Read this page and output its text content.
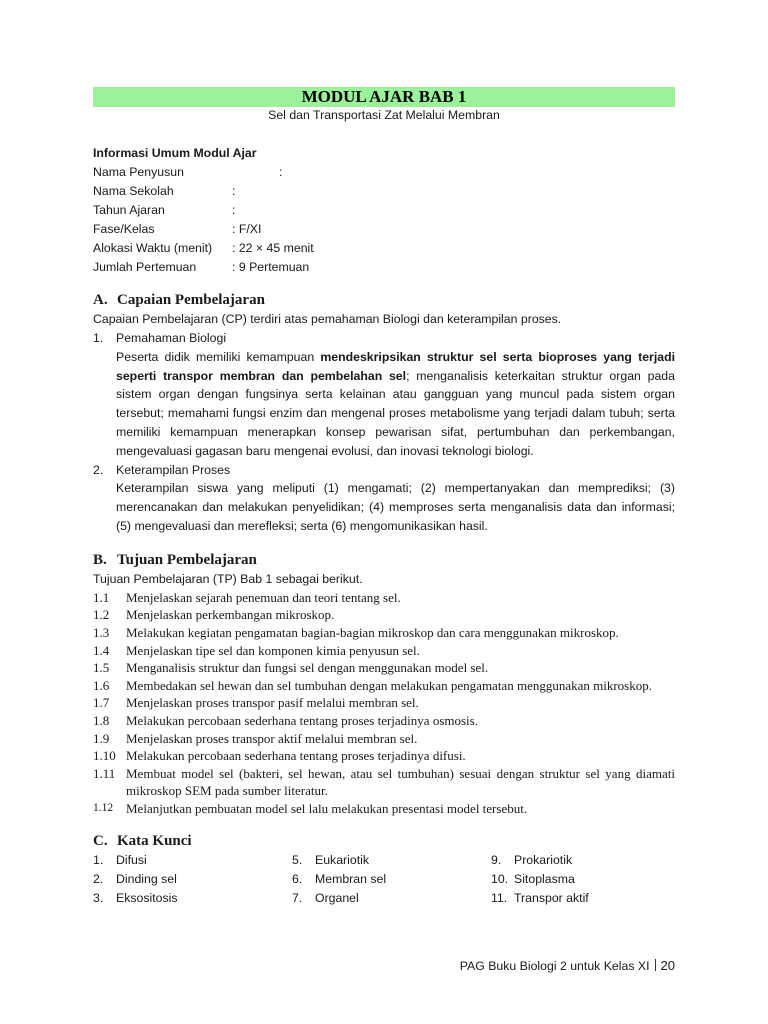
MODUL AJAR BAB 1
Sel dan Transportasi Zat Melalui Membran
Informasi Umum Modul Ajar
Nama Penyusun	:
Nama Sekolah	:
Tahun Ajaran	:
Fase/Kelas	: F/XI
Alokasi Waktu (menit)	: 22 × 45 menit
Jumlah Pertemuan	: 9 Pertemuan
A. Capaian Pembelajaran
Capaian Pembelajaran (CP) terdiri atas pemahaman Biologi dan keterampilan proses.
1.	Pemahaman Biologi
Peserta didik memiliki kemampuan mendeskripsikan struktur sel serta bioproses yang terjadi seperti transpor membran dan pembelahan sel; menganalisis keterkaitan struktur organ pada sistem organ dengan fungsinya serta kelainan atau gangguan yang muncul pada sistem organ tersebut; memahami fungsi enzim dan mengenal proses metabolisme yang terjadi dalam tubuh; serta memiliki kemampuan menerapkan konsep pewarisan sifat, pertumbuhan dan perkembangan, mengevaluasi gagasan baru mengenai evolusi, dan inovasi teknologi biologi.
2.	Keterampilan Proses
Keterampilan siswa yang meliputi (1) mengamati; (2) mempertanyakan dan memprediksi; (3) merencanakan dan melakukan penyelidikan; (4) memproses serta menganalisis data dan informasi; (5) mengevaluasi dan merefleksi; serta (6) mengomunikasikan hasil.
B. Tujuan Pembelajaran
Tujuan Pembelajaran (TP) Bab 1 sebagai berikut.
1.1	Menjelaskan sejarah penemuan dan teori tentang sel.
1.2	Menjelaskan perkembangan mikroskop.
1.3	Melakukan kegiatan pengamatan bagian-bagian mikroskop dan cara menggunakan mikroskop.
1.4	Menjelaskan tipe sel dan komponen kimia penyusun sel.
1.5	Menganalisis struktur dan fungsi sel dengan menggunakan model sel.
1.6	Membedakan sel hewan dan sel tumbuhan dengan melakukan pengamatan menggunakan mikroskop.
1.7	Menjelaskan proses transpor pasif melalui membran sel.
1.8	Melakukan percobaan sederhana tentang proses terjadinya osmosis.
1.9	Menjelaskan proses transpor aktif melalui membran sel.
1.10 Melakukan percobaan sederhana tentang proses terjadinya difusi.
1.11 Membuat model sel (bakteri, sel hewan, atau sel tumbuhan) sesuai dengan struktur sel yang diamati mikroskop SEM pada sumber literatur.
1.12 Melanjutkan pembuatan model sel lalu melakukan presentasi model tersebut.
C. Kata Kunci
1.	Difusi	5.	Eukariotik	9.	Prokariotik
2.	Dinding sel	6.	Membran sel	10. Sitoplasma
3.	Eksositosis	7.	Organel	11. Transpor aktif
PAG Buku Biologi 2 untuk Kelas XI 20
